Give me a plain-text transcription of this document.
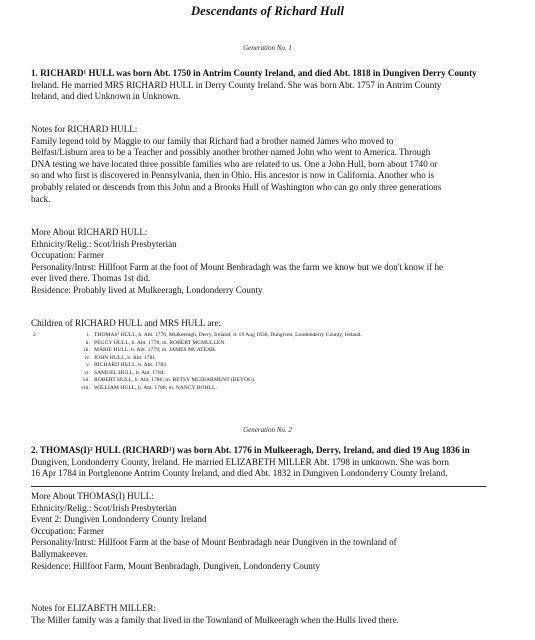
Descendants of Richard Hull
Generation No. 1
1. RICHARD¹ HULL was born Abt. 1750 in Antrim County Ireland, and died Abt. 1818 in Dungiven Derry County
Ireland. He married MRS RICHARD HULL in Derry County Ireland. She was born Abt. 1757 in Antrim County
Ireland, and died Unknown in Unknown.
Notes for RICHARD HULL:
Family legend told by Maggie to our family that Richard had a brother named James who moved to
Belfast/Lisburn area to be a Teacher and possibly another brother named John who went to America. Through
DNA testing we have located three possible families who are related to us. One a John Hull, born about 1740 or
so and who first is discovered in Pennsylvania, then in Ohio. His ancestor is now in California. Another who is
probably related or descends from this John and a Brooks Hull of Washington who can go only three generations
back.
More About RICHARD HULL:
Ethnicity/Relig.: Scot/Irish Presbyterian
Occupation: Farmer
Personality/Intrst: Hillfoot Farm at the foot of Mount Benbradagh was the farm we know but we don't know if he
ever lived there. Thomas 1st did.
Residence: Probably lived at Mulkeeragh, Londonderry County
Children of RICHARD HULL and MRS HULL are:
2	i. THOMAS² HULL, b. Abt. 1776, Mulkeeragh, Derry, Ireland; d. 19 Aug 1836, Dungiven, Londonderry County, Ireland.
ii. PEGGY HULL, b. Abt. 1778; m. ROBERT MCMULLEN.
iii. MARIE HULL, b. Abt. 1779; m. JAMES MCATEAR.
iv. JOHN HULL, b. Abt. 1781.
v. RICHARD HULL, b. Abt. 1783.
vi. SAMUEL HULL, b. Abt. 1784.
vii. ROBERT HULL, b. Abt. 1786; m. BETSY MCDIARMENT (BEYOG).
viii. WILLIAM HULL, b. Abt. 1788; m. NANCY BOHLL.
Generation No. 2
2. THOMAS(I)² HULL (RICHARD¹) was born Abt. 1776 in Mulkeeragh, Derry, Ireland, and died 19 Aug 1836 in
Dungiven, Londonderry County, Ireland. He married ELIZABETH MILLER Abt. 1798 in unknown. She was born
16 Apr 1784 in Portglenone Antrim County Ireland, and died Abt. 1832 in Dungiven Londonderry County Ireland.
More About THOMAS(I) HULL:
Ethnicity/Relig.: Scot/Irish Presbyterian
Event 2: Dungiven Londonderry County Ireland
Occupation: Farmer
Personality/Intrst: Hillfoot Farm at the base of Mount Benbradagh near Dungiven in the townland of
Ballymakeever.
Residence: Hillfoot Farm, Mount Benbradagh, Dungiven, Londonderry County
Notes for ELIZABETH MILLER:
The Miller family was a family that lived in the Townland of Mulkeeragh when the Hulls lived there.
